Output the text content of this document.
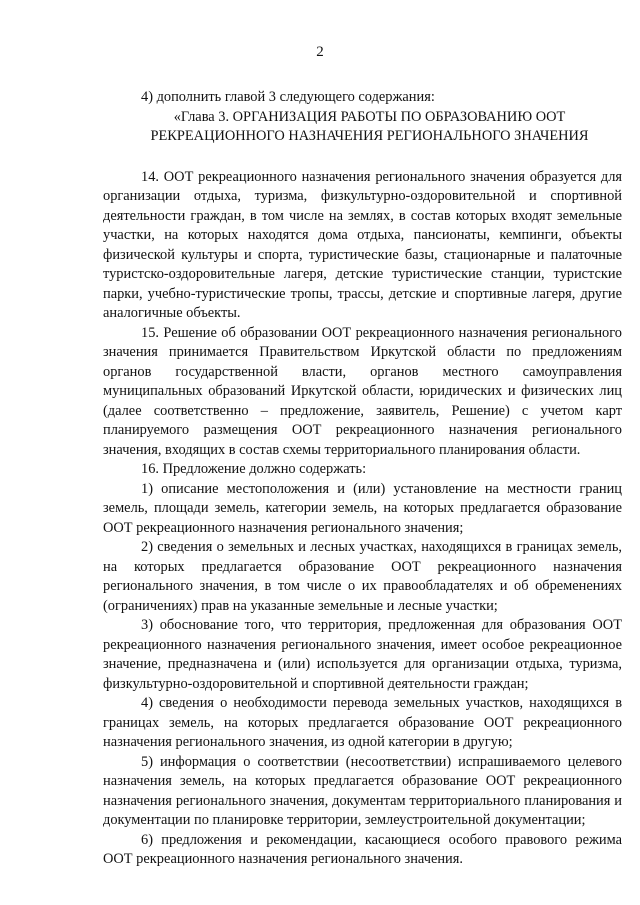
2

4) дополнить главой 3 следующего содержания:

«Глава 3. ОРГАНИЗАЦИЯ РАБОТЫ ПО ОБРАЗОВАНИЮ ООТ
РЕКРЕАЦИОННОГО НАЗНАЧЕНИЯ РЕГИОНАЛЬНОГО ЗНАЧЕНИЯ

14. ООТ рекреационного назначения регионального значения образуется для организации отдыха, туризма, физкультурно-оздоровительной и спортивной деятельности граждан, в том числе на землях, в состав которых входят земельные участки, на которых находятся дома отдыха, пансионаты, кемпинги, объекты физической культуры и спорта, туристические базы, стационарные и палаточные туристско-оздоровительные лагеря, детские туристические станции, туристские парки, учебно-туристические тропы, трассы, детские и спортивные лагеря, другие аналогичные объекты.

15. Решение об образовании ООТ рекреационного назначения регионального значения принимается Правительством Иркутской области по предложениям органов государственной власти, органов местного самоуправления муниципальных образований Иркутской области, юридических и физических лиц (далее соответственно – предложение, заявитель, Решение) с учетом карт планируемого размещения ООТ рекреационного назначения регионального значения, входящих в состав схемы территориального планирования области.

16. Предложение должно содержать:

1) описание местоположения и (или) установление на местности границ земель, площади земель, категории земель, на которых предлагается образование ООТ рекреационного назначения регионального значения;

2) сведения о земельных и лесных участках, находящихся в границах земель, на которых предлагается образование ООТ рекреационного назначения регионального значения, в том числе о их правообладателях и об обременениях (ограничениях) прав на указанные земельные и лесные участки;

3) обоснование того, что территория, предложенная для образования ООТ рекреационного назначения регионального значения, имеет особое рекреационное значение, предназначена и (или) используется для организации отдыха, туризма, физкультурно-оздоровительной и спортивной деятельности граждан;

4) сведения о необходимости перевода земельных участков, находящихся в границах земель, на которых предлагается образование ООТ рекреационного назначения регионального значения, из одной категории в другую;

5) информация о соответствии (несоответствии) испрашиваемого целевого назначения земель, на которых предлагается образование ООТ рекреационного назначения регионального значения, документам территориального планирования и документации по планировке территории, землеустроительной документации;

6) предложения и рекомендации, касающиеся особого правового режима ООТ рекреационного назначения регионального значения.
